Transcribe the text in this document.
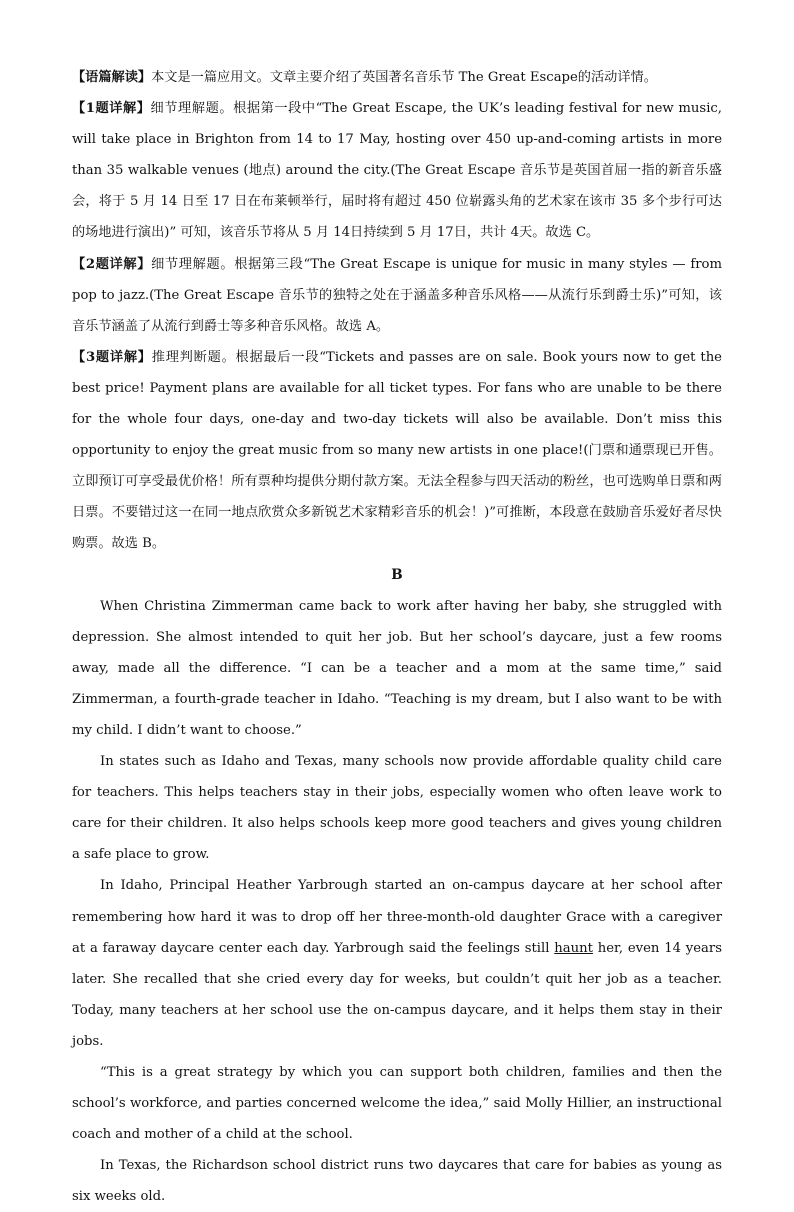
【语篇解读】本文是一篇应用文。文章主要介绍了英国著名音乐节 The Great Escape的活动详情。

【1题详解】细节理解题。根据第一段中“The Great Escape, the UK’s leading festival for new music, will take place in Brighton from 14 to 17 May, hosting over 450 up-and-coming artists in more than 35 walkable venues (地点) around the city.(The Great Escape 音乐节是英国首屈一指的新音乐盛会，将于 5 月 14 日至 17 日在布莱顿举行，届时将有超过 450 位崭露头角的艺术家在该市 35 多个步行可达的场地进行演出)” 可知，该音乐节将从 5 月 14日持续到 5 月 17日，共计 4天。故选 C。

【2题详解】细节理解题。根据第三段“The Great Escape is unique for music in many styles — from pop to jazz.(The Great Escape 音乐节的独特之处在于涵盖多种音乐风格——从流行乐到爵士乐)”可知，该音乐节涵盖了从流行到爵士等多种音乐风格。故选 A。

【3题详解】推理判断题。根据最后一段“Tickets and passes are on sale. Book yours now to get the best price! Payment plans are available for all ticket types. For fans who are unable to be there for the whole four days, one-day and two-day tickets will also be available. Don’t miss this opportunity to enjoy the great music from so many new artists in one place!(门票和通票现已开售。立即预订可享受最优价格！所有票种均提供分期付款方案。无法全程参与四天活动的粉丝，也可选购单日票和两日票。不要错过这一在同一地点欣赏众多新锐艺术家精彩音乐的机会！)”可推断，本段意在鼓励音乐爱好者尽快购票。故选 B。

B

When Christina Zimmerman came back to work after having her baby, she struggled with depression. She almost intended to quit her job. But her school’s daycare, just a few rooms away, made all the difference. “I can be a teacher and a mom at the same time,” said Zimmerman, a fourth-grade teacher in Idaho. “Teaching is my dream, but I also want to be with my child. I didn’t want to choose.”

In states such as Idaho and Texas, many schools now provide affordable quality child care for teachers. This helps teachers stay in their jobs, especially women who often leave work to care for their children. It also helps schools keep more good teachers and gives young children a safe place to grow.

In Idaho, Principal Heather Yarbrough started an on-campus daycare at her school after remembering how hard it was to drop off her three-month-old daughter Grace with a caregiver at a faraway daycare center each day. Yarbrough said the feelings still haunt her, even 14 years later. She recalled that she cried every day for weeks, but couldn’t quit her job as a teacher. Today, many teachers at her school use the on-campus daycare, and it helps them stay in their jobs.

“This is a great strategy by which you can support both children, families and then the school’s workforce, and parties concerned welcome the idea,” said Molly Hillier, an instructional coach and mother of a child at the school.

In Texas, the Richardson school district runs two daycares that care for babies as young as six weeks old.
